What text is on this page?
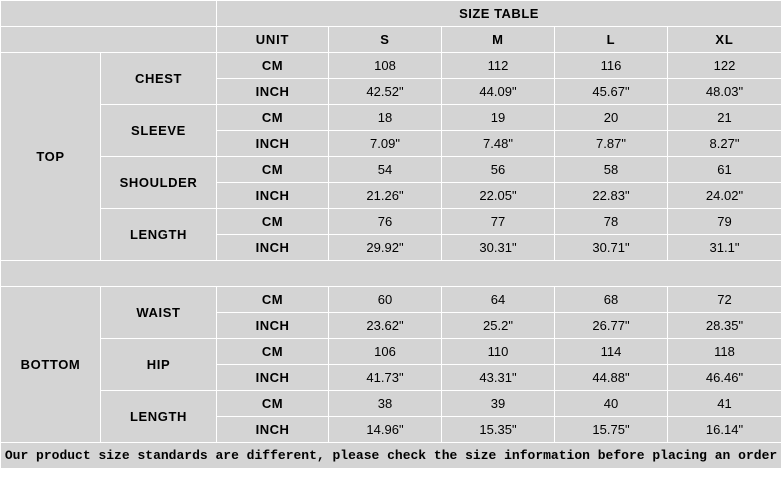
		SIZE TABLE				
		UNIT	S	M	L	XL
TOP	CHEST	CM	108	112	116	122
		INCH	42.52"	44.09"	45.67"	48.03"
	SLEEVE	CM	18	19	20	21
		INCH	7.09"	7.48"	7.87"	8.27"
	SHOULDER	CM	54	56	58	61
		INCH	21.26"	22.05"	22.83"	24.02"
	LENGTH	CM	76	77	78	79
		INCH	29.92"	30.31"	30.71"	31.1"

BOTTOM	WAIST	CM	60	64	68	72
		INCH	23.62"	25.2"	26.77"	28.35"
	HIP	CM	106	110	114	118
		INCH	41.73"	43.31"	44.88"	46.46"
	LENGTH	CM	38	39	40	41
		INCH	14.96"	15.35"	15.75"	16.14"
Our product size standards are different, please check the size information before placing an order						
